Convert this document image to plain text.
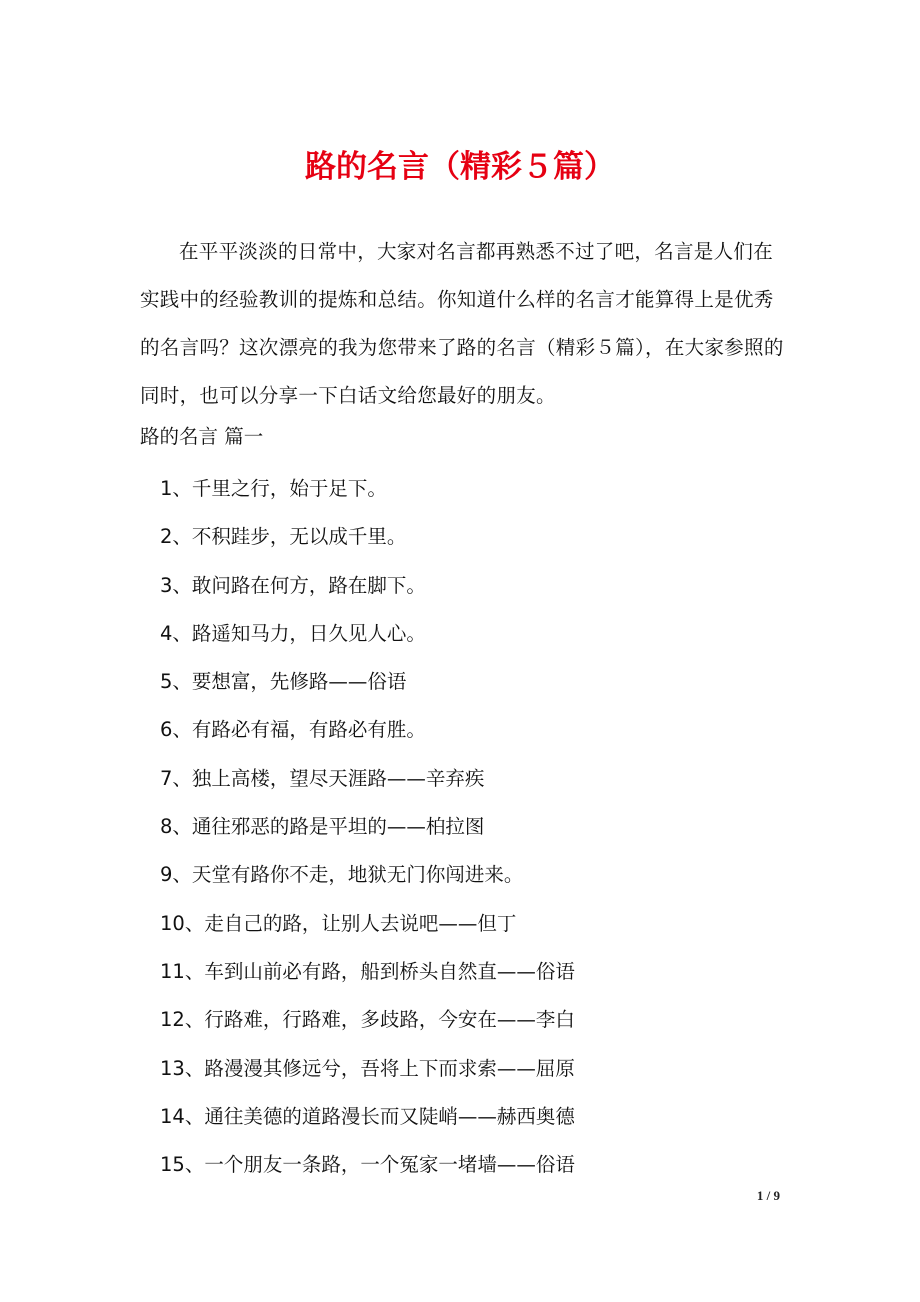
路的名言（精彩５篇）

在平平淡淡的日常中，大家对名言都再熟悉不过了吧，名言是人们在实践中的经验教训的提炼和总结。你知道什么样的名言才能算得上是优秀的名言吗？这次漂亮的我为您带来了路的名言（精彩５篇），在大家参照的同时，也可以分享一下白话文给您最好的朋友。

路的名言 篇一

1、千里之行，始于足下。
2、不积跬步，无以成千里。
3、敢问路在何方，路在脚下。
4、路遥知马力，日久见人心。
5、要想富，先修路——俗语
6、有路必有福，有路必有胜。
7、独上高楼，望尽天涯路——辛弃疾
8、通往邪恶的路是平坦的——柏拉图
9、天堂有路你不走，地狱无门你闯进来。
10、走自己的路，让别人去说吧——但丁
11、车到山前必有路，船到桥头自然直——俗语
12、行路难，行路难，多歧路，今安在——李白
13、路漫漫其修远兮，吾将上下而求索——屈原
14、通往美德的道路漫长而又陡峭——赫西奥德
15、一个朋友一条路，一个冤家一堵墙——俗语
1 / 9
